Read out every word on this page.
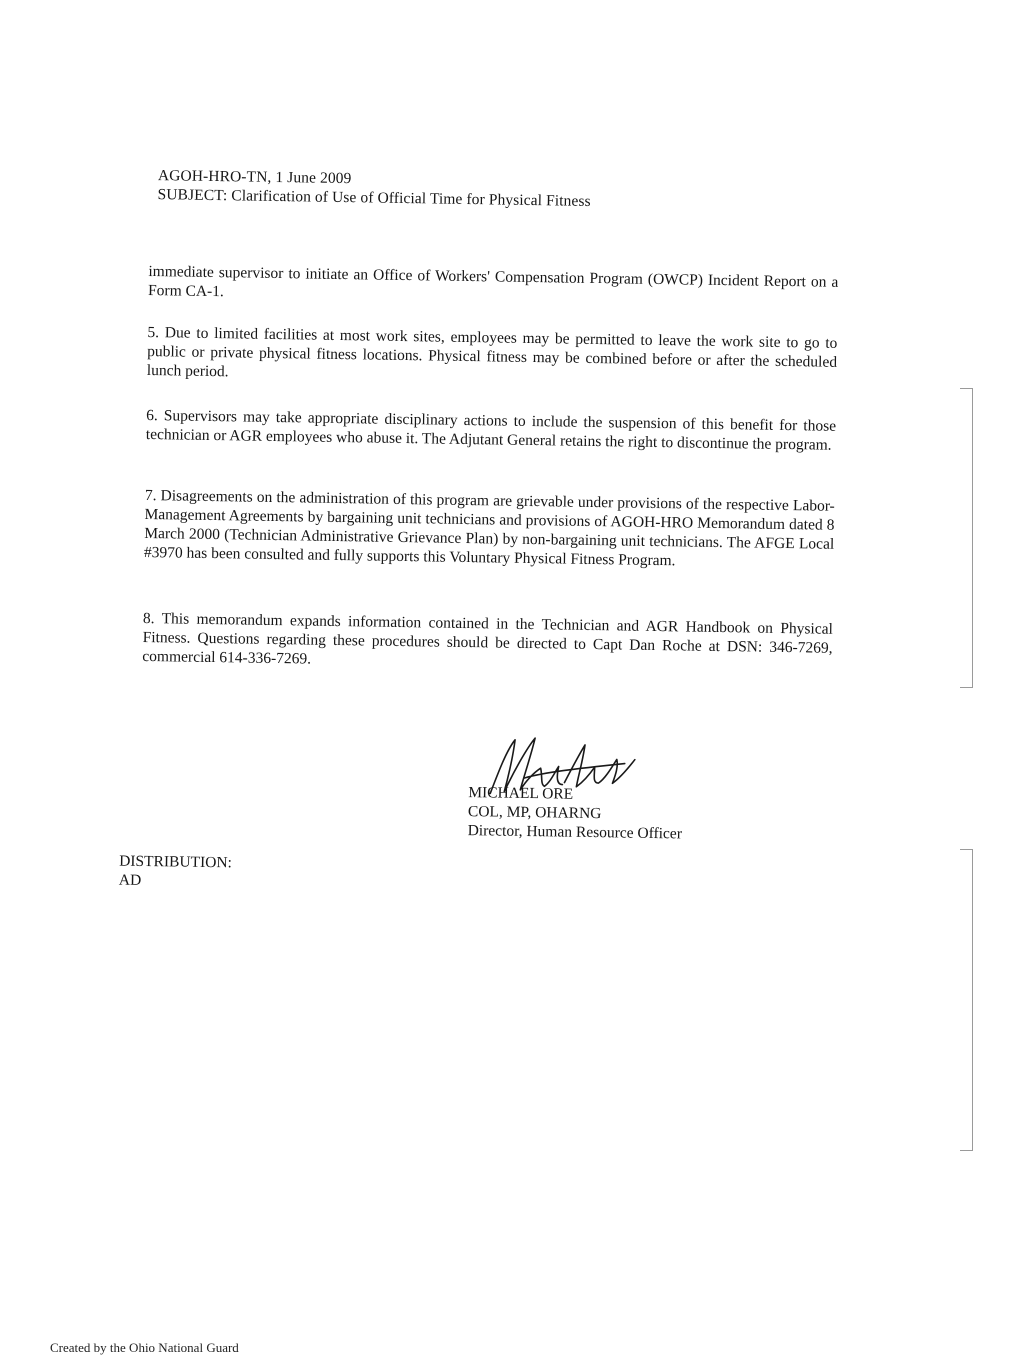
AGOH-HRO-TN, 1 June 2009
SUBJECT: Clarification of Use of Official Time for Physical Fitness

immediate supervisor to initiate an Office of Workers' Compensation Program (OWCP) Incident Report on a Form CA-1.

5. Due to limited facilities at most work sites, employees may be permitted to leave the work site to go to public or private physical fitness locations. Physical fitness may be combined before or after the scheduled lunch period.

6. Supervisors may take appropriate disciplinary actions to include the suspension of this benefit for those technician or AGR employees who abuse it. The Adjutant General retains the right to discontinue the program.

7. Disagreements on the administration of this program are grievable under provisions of the respective Labor-Management Agreements by bargaining unit technicians and provisions of AGOH-HRO Memorandum dated 8 March 2000 (Technician Administrative Grievance Plan) by non-bargaining unit technicians. The AFGE Local #3970 has been consulted and fully supports this Voluntary Physical Fitness Program.

8. This memorandum expands information contained in the Technician and AGR Handbook on Physical Fitness. Questions regarding these procedures should be directed to Capt Dan Roche at DSN: 346-7269, commercial 614-336-7269.

MICHAEL ORE
COL, MP, OHARNG
Director, Human Resource Officer
DISTRIBUTION:
AD
Created by the Ohio National Guard
